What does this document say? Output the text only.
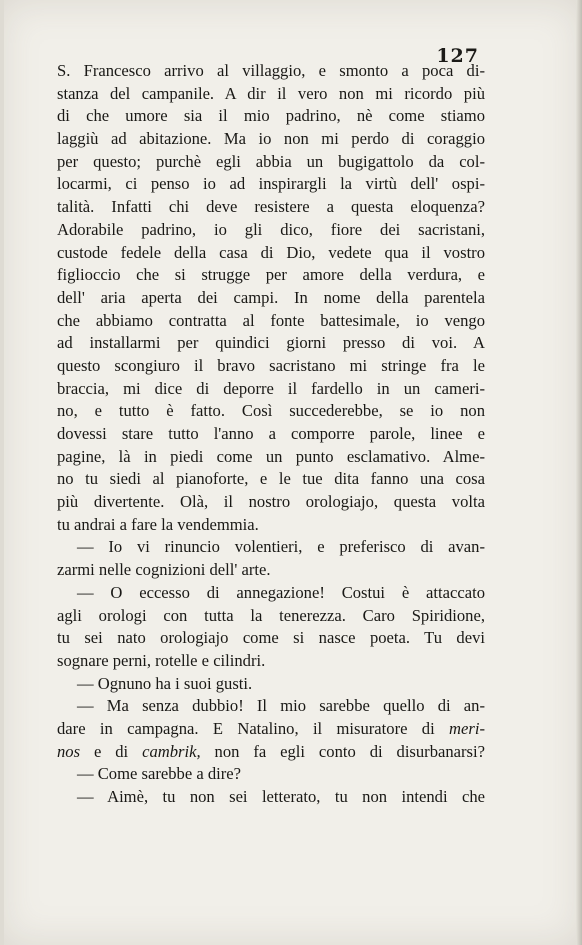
127
S. Francesco arrivo al villaggio, e smonto a poca di-
stanza del campanile. A dir il vero non mi ricordo più
di che umore sia il mio padrino, nè come stiamo
laggiù ad abitazione. Ma io non mi perdo di coraggio
per questo; purchè egli abbia un bugigattolo da col-
locarmi, ci penso io ad inspirargli la virtù dell' ospi-
talità. Infatti chi deve resistere a questa eloquenza?
Adorabile padrino, io gli dico, fiore dei sacristani,
custode fedele della casa di Dio, vedete qua il vostro
figlioccio che si strugge per amore della verdura, e
dell' aria aperta dei campi. In nome della parentela
che abbiamo contratta al fonte battesimale, io vengo
ad installarmi per quindici giorni presso di voi. A
questo scongiuro il bravo sacristano mi stringe fra le
braccia, mi dice di deporre il fardello in un cameri-
no, e tutto è fatto. Così succederebbe, se io non
dovessi stare tutto l'anno a comporre parole, linee e
pagine, là in piedi come un punto esclamativo. Alme-
no tu siedi al pianoforte, e le tue dita fanno una cosa
più divertente. Olà, il nostro orologiajo, questa volta
tu andrai a fare la vendemmia.
— Io vi rinuncio volentieri, e preferisco di avan-
zarmi nelle cognizioni dell' arte.
— O eccesso di annegazione! Costui è attaccato
agli orologi con tutta la tenerezza. Caro Spiridione,
tu sei nato orologiajo come si nasce poeta. Tu devi
sognare perni, rotelle e cilindri.
— Ognuno ha i suoi gusti.
— Ma senza dubbio! Il mio sarebbe quello di an-
dare in campagna. E Natalino, il misuratore di meri-
nos e di cambrik, non fa egli conto di disurbanarsi?
— Come sarebbe a dire?
— Aimè, tu non sei letterato, tu non intendi che
